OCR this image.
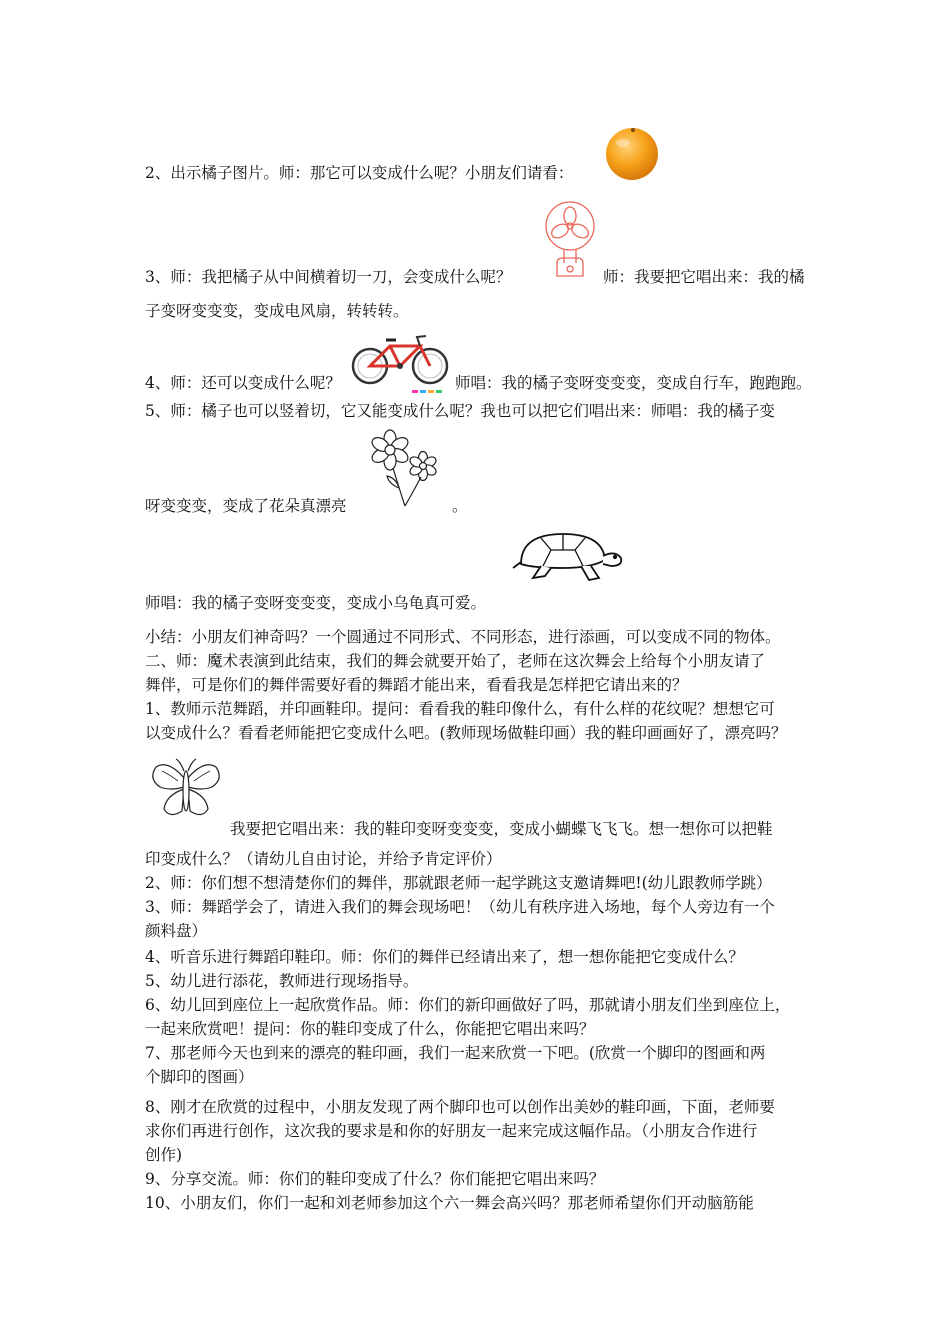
2、出示橘子图片。师：那它可以变成什么呢？小朋友们请看：
3、师：我把橘子从中间横着切一刀，会变成什么呢？	师：我要把它唱出来：我的橘
子变呀变变变，变成电风扇，转转转。
4、师：还可以变成什么呢？	师唱：我的橘子变呀变变变，变成自行车，跑跑跑。
5、师：橘子也可以竖着切，它又能变成什么呢？我也可以把它们唱出来：师唱：我的橘子变
呀变变变，变成了花朵真漂亮	。
师唱：我的橘子变呀变变变，变成小乌龟真可爱。
小结：小朋友们神奇吗？一个圆通过不同形式、不同形态，进行添画，可以变成不同的物体。
二、师：魔术表演到此结束，我们的舞会就要开始了，老师在这次舞会上给每个小朋友请了
舞伴，可是你们的舞伴需要好看的舞蹈才能出来，看看我是怎样把它请出来的？
1、教师示范舞蹈，并印画鞋印。提问：看看我的鞋印像什么，有什么样的花纹呢？想想它可
以变成什么？看看老师能把它变成什么吧。(教师现场做鞋印画）我的鞋印画画好了，漂亮吗？
我要把它唱出来：我的鞋印变呀变变变，变成小蝴蝶飞飞飞。想一想你可以把鞋
印变成什么？（请幼儿自由讨论，并给予肯定评价）
2、师：你们想不想清楚你们的舞伴，那就跟老师一起学跳这支邀请舞吧!(幼儿跟教师学跳）
3、师：舞蹈学会了，请进入我们的舞会现场吧！（幼儿有秩序进入场地，每个人旁边有一个
颜料盘）
4、听音乐进行舞蹈印鞋印。师：你们的舞伴已经请出来了，想一想你能把它变成什么？
5、幼儿进行添花，教师进行现场指导。
6、幼儿回到座位上一起欣赏作品。师：你们的新印画做好了吗，那就请小朋友们坐到座位上，
一起来欣赏吧！提问：你的鞋印变成了什么，你能把它唱出来吗？
7、那老师今天也到来的漂亮的鞋印画，我们一起来欣赏一下吧。(欣赏一个脚印的图画和两
个脚印的图画）
8、刚才在欣赏的过程中，小朋友发现了两个脚印也可以创作出美妙的鞋印画，下面，老师要
求你们再进行创作，这次我的要求是和你的好朋友一起来完成这幅作品。（小朋友合作进行
创作)
9、分享交流。师：你们的鞋印变成了什么？你们能把它唱出来吗？
10、小朋友们，你们一起和刘老师参加这个六一舞会高兴吗？那老师希望你们开动脑筋能
